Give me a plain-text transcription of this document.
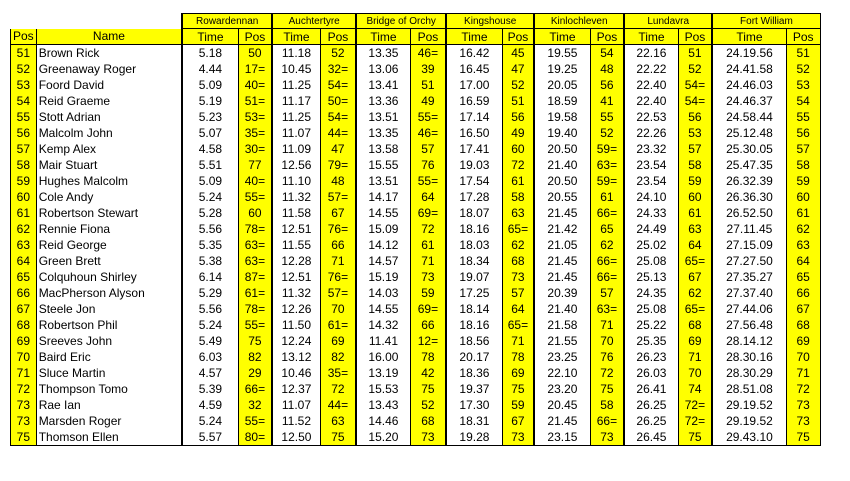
		Rowardennan		Auchtertyre		Bridge of Orchy		Kingshouse		Kinlochleven		Lundavra		Fort William	
Pos	Name	Time	Pos	Time	Pos	Time	Pos	Time	Pos	Time	Pos	Time	Pos	Time	Pos
51	Brown Rick	5.18	50	11.18	52	13.35	46=	16.42	45	19.55	54	22.16	51	24.19.56	51
52	Greenaway Roger	4.44	17=	10.45	32=	13.06	39	16.45	47	19.25	48	22.22	52	24.41.58	52
53	Foord David	5.09	40=	11.25	54=	13.41	51	17.00	52	20.05	56	22.40	54=	24.46.03	53
54	Reid Graeme	5.19	51=	11.17	50=	13.36	49	16.59	51	18.59	41	22.40	54=	24.46.37	54
55	Stott Adrian	5.23	53=	11.25	54=	13.51	55=	17.14	56	19.58	55	22.53	56	24.58.44	55
56	Malcolm John	5.07	35=	11.07	44=	13.35	46=	16.50	49	19.40	52	22.26	53	25.12.48	56
57	Kemp Alex	4.58	30=	11.09	47	13.58	57	17.41	60	20.50	59=	23.32	57	25.30.05	57
58	Mair Stuart	5.51	77	12.56	79=	15.55	76	19.03	72	21.40	63=	23.54	58	25.47.35	58
59	Hughes Malcolm	5.09	40=	11.10	48	13.51	55=	17.54	61	20.50	59=	23.54	59	26.32.39	59
60	Cole Andy	5.24	55=	11.32	57=	14.17	64	17.28	58	20.55	61	24.10	60	26.36.30	60
61	Robertson Stewart	5.28	60	11.58	67	14.55	69=	18.07	63	21.45	66=	24.33	61	26.52.50	61
62	Rennie Fiona	5.56	78=	12.51	76=	15.09	72	18.16	65=	21.42	65	24.49	63	27.11.45	62
63	Reid George	5.35	63=	11.55	66	14.12	61	18.03	62	21.05	62	25.02	64	27.15.09	63
64	Green Brett	5.38	63=	12.28	71	14.57	71	18.34	68	21.45	66=	25.08	65=	27.27.50	64
65	Colquhoun Shirley	6.14	87=	12.51	76=	15.19	73	19.07	73	21.45	66=	25.13	67	27.35.27	65
66	MacPherson Alyson	5.29	61=	11.32	57=	14.03	59	17.25	57	20.39	57	24.35	62	27.37.40	66
67	Steele Jon	5.56	78=	12.26	70	14.55	69=	18.14	64	21.40	63=	25.08	65=	27.44.06	67
68	Robertson Phil	5.24	55=	11.50	61=	14.32	66	18.16	65=	21.58	71	25.22	68	27.56.48	68
69	Sreeves John	5.49	75	12.24	69	11.41	12=	18.56	71	21.55	70	25.35	69	28.14.12	69
70	Baird Eric	6.03	82	13.12	82	16.00	78	20.17	78	23.25	76	26.23	71	28.30.16	70
71	Sluce Martin	4.57	29	10.46	35=	13.19	42	18.36	69	22.10	72	26.03	70	28.30.29	71
72	Thompson Tomo	5.39	66=	12.37	72	15.53	75	19.37	75	23.20	75	26.41	74	28.51.08	72
73	Rae Ian	4.59	32	11.07	44=	13.43	52	17.30	59	20.45	58	26.25	72=	29.19.52	73
73	Marsden Roger	5.24	55=	11.52	63	14.46	68	18.31	67	21.45	66=	26.25	72=	29.19.52	73
75	Thomson Ellen	5.57	80=	12.50	75	15.20	73	19.28	73	23.15	73	26.45	75	29.43.10	75
